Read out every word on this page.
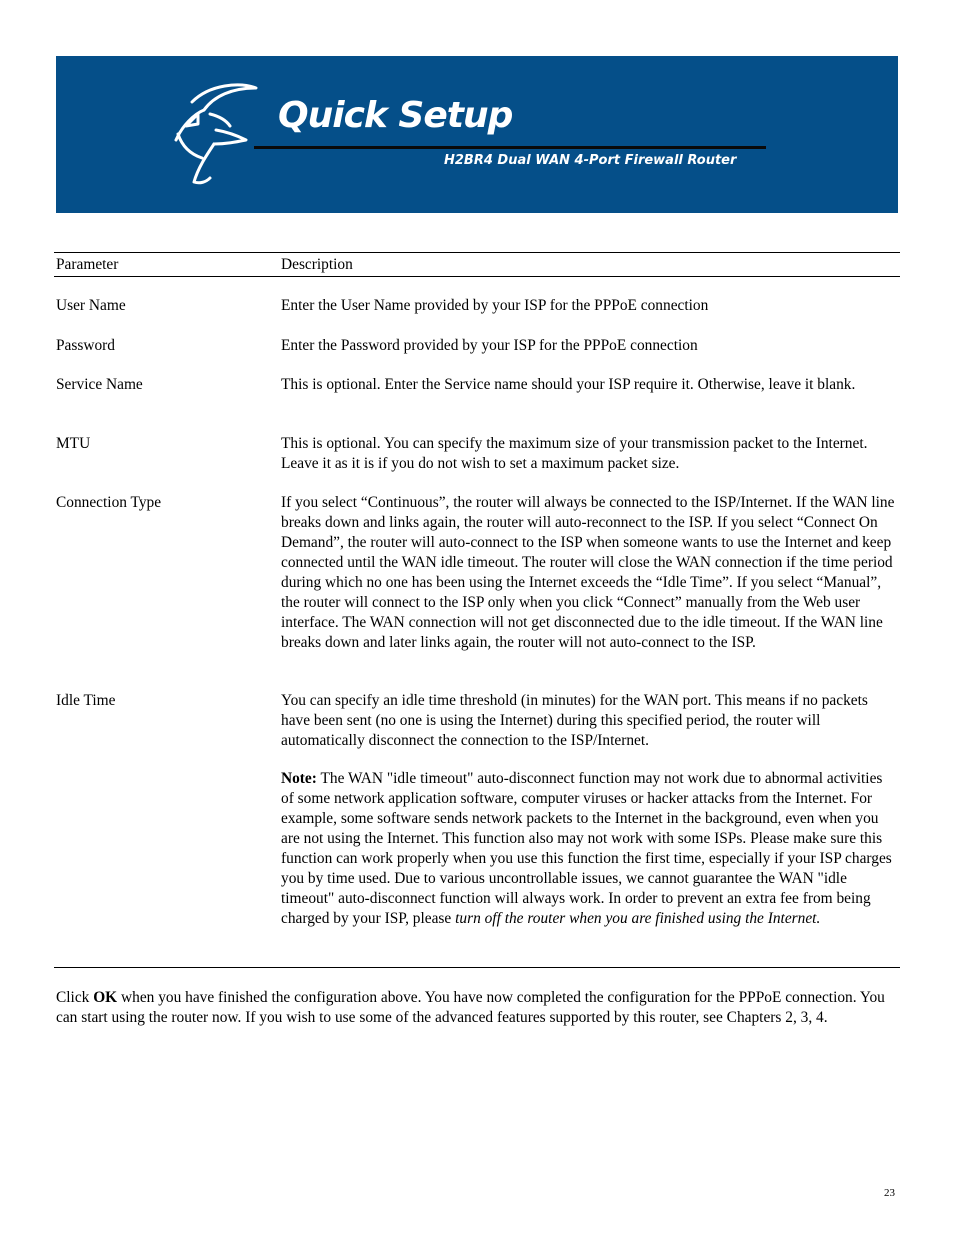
Quick Setup
H2BR4 Dual WAN 4-Port Firewall Router
Parameter	Description
User Name	Enter the User Name provided by your ISP for the PPPoE connection
Password	Enter the Password provided by your ISP for the PPPoE connection
Service Name	This is optional. Enter the Service name should your ISP require it. Otherwise, leave it blank.
MTU	This is optional. You can specify the maximum size of your transmission packet to the Internet. Leave it as it is if you do not wish to set a maximum packet size.
Connection Type	If you select “Continuous”, the router will always be connected to the ISP/Internet. If the WAN line breaks down and links again, the router will auto-reconnect to the ISP. If you select “Connect On Demand”, the router will auto-connect to the ISP when someone wants to use the Internet and keep connected until the WAN idle timeout. The router will close the WAN connection if the time period during which no one has been using the Internet exceeds the “Idle Time”. If you select “Manual”, the router will connect to the ISP only when you click “Connect” manually from the Web user interface. The WAN connection will not get disconnected due to the idle timeout. If the WAN line breaks down and later links again, the router will not auto-connect to the ISP.
Idle Time	You can specify an idle time threshold (in minutes) for the WAN port. This means if no packets have been sent (no one is using the Internet) during this specified period, the router will automatically disconnect the connection to the ISP/Internet.

Note: The WAN "idle timeout" auto-disconnect function may not work due to abnormal activities of some network application software, computer viruses or hacker attacks from the Internet. For example, some software sends network packets to the Internet in the background, even when you are not using the Internet. This function also may not work with some ISPs. Please make sure this function can work properly when you use this function the first time, especially if your ISP charges you by time used. Due to various uncontrollable issues, we cannot guarantee the WAN "idle timeout" auto-disconnect function will always work. In order to prevent an extra fee from being charged by your ISP, please turn off the router when you are finished using the Internet.

Click OK when you have finished the configuration above. You have now completed the configuration for the PPPoE connection. You can start using the router now. If you wish to use some of the advanced features supported by this router, see Chapters 2, 3, 4.

23
